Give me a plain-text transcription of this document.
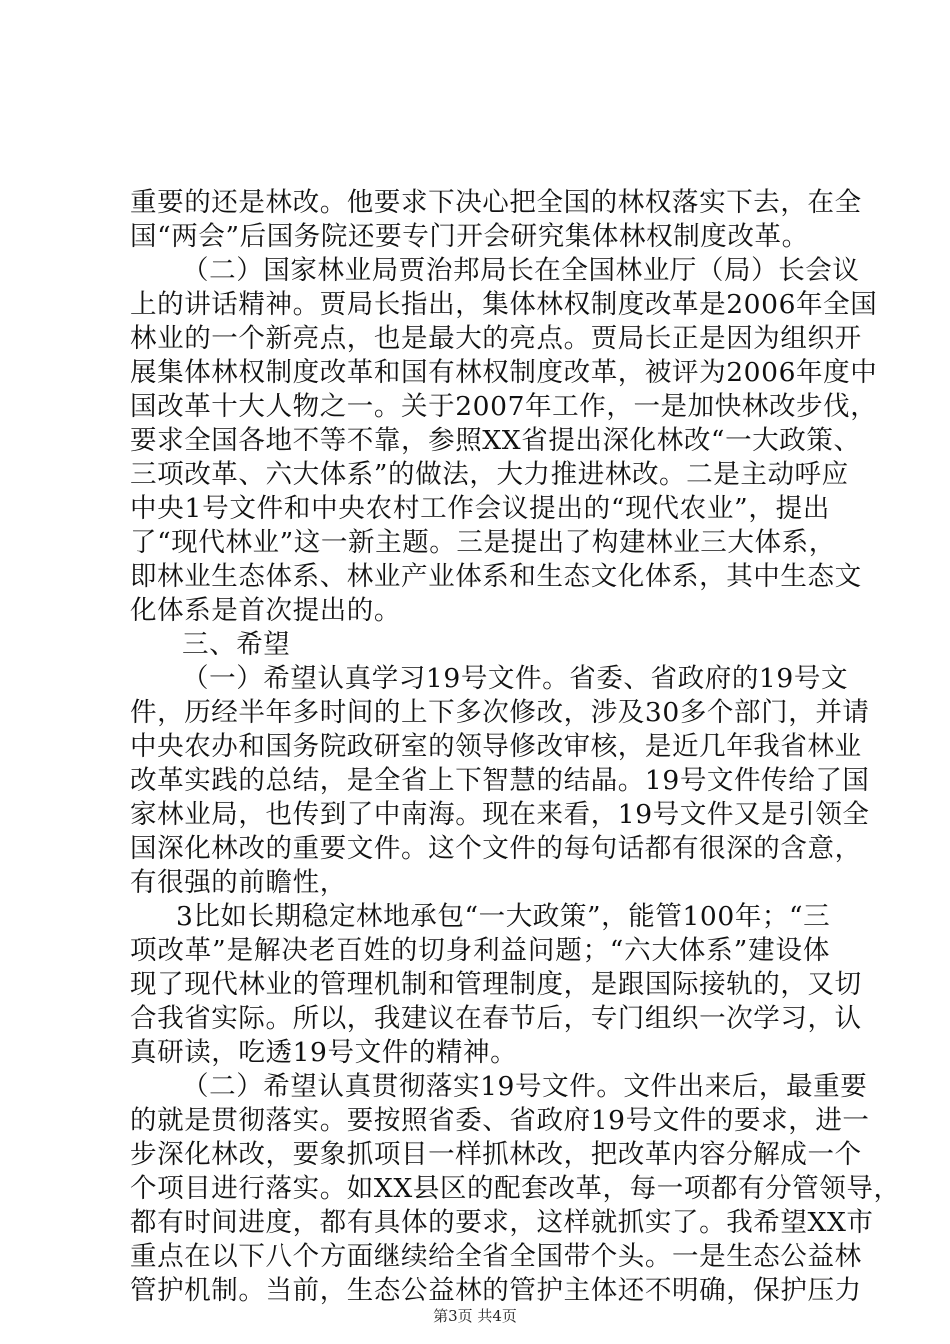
重要的还是林改。他要求下决心把全国的林权落实下去，在全
国“两会”后国务院还要专门开会研究集体林权制度改革。
（二）国家林业局贾治邦局长在全国林业厅（局）长会议
上的讲话精神。贾局长指出，集体林权制度改革是2006年全国
林业的一个新亮点，也是最大的亮点。贾局长正是因为组织开
展集体林权制度改革和国有林权制度改革，被评为2006年度中
国改革十大人物之一。关于2007年工作，一是加快林改步伐，
要求全国各地不等不靠，参照XX省提出深化林改“一大政策、
三项改革、六大体系”的做法，大力推进林改。二是主动呼应
中央1号文件和中央农村工作会议提出的“现代农业”，提出
了“现代林业”这一新主题。三是提出了构建林业三大体系，
即林业生态体系、林业产业体系和生态文化体系，其中生态文
化体系是首次提出的。
三、希望
（一）希望认真学习19号文件。省委、省政府的19号文
件，历经半年多时间的上下多次修改，涉及30多个部门，并请
中央农办和国务院政研室的领导修改审核，是近几年我省林业
改革实践的总结，是全省上下智慧的结晶。19号文件传给了国
家林业局，也传到了中南海。现在来看，19号文件又是引领全
国深化林改的重要文件。这个文件的每句话都有很深的含意，
有很强的前瞻性，
3比如长期稳定林地承包“一大政策”，能管100年；“三
项改革”是解决老百姓的切身利益问题；“六大体系”建设体
现了现代林业的管理机制和管理制度，是跟国际接轨的，又切
合我省实际。所以，我建议在春节后，专门组织一次学习，认
真研读，吃透19号文件的精神。
（二）希望认真贯彻落实19号文件。文件出来后，最重要
的就是贯彻落实。要按照省委、省政府19号文件的要求，进一
步深化林改，要象抓项目一样抓林改，把改革内容分解成一个
个项目进行落实。如XX县区的配套改革，每一项都有分管领导，
都有时间进度，都有具体的要求，这样就抓实了。我希望XX市
重点在以下八个方面继续给全省全国带个头。一是生态公益林
管护机制。当前，生态公益林的管护主体还不明确，保护压力
第3页 共4页
